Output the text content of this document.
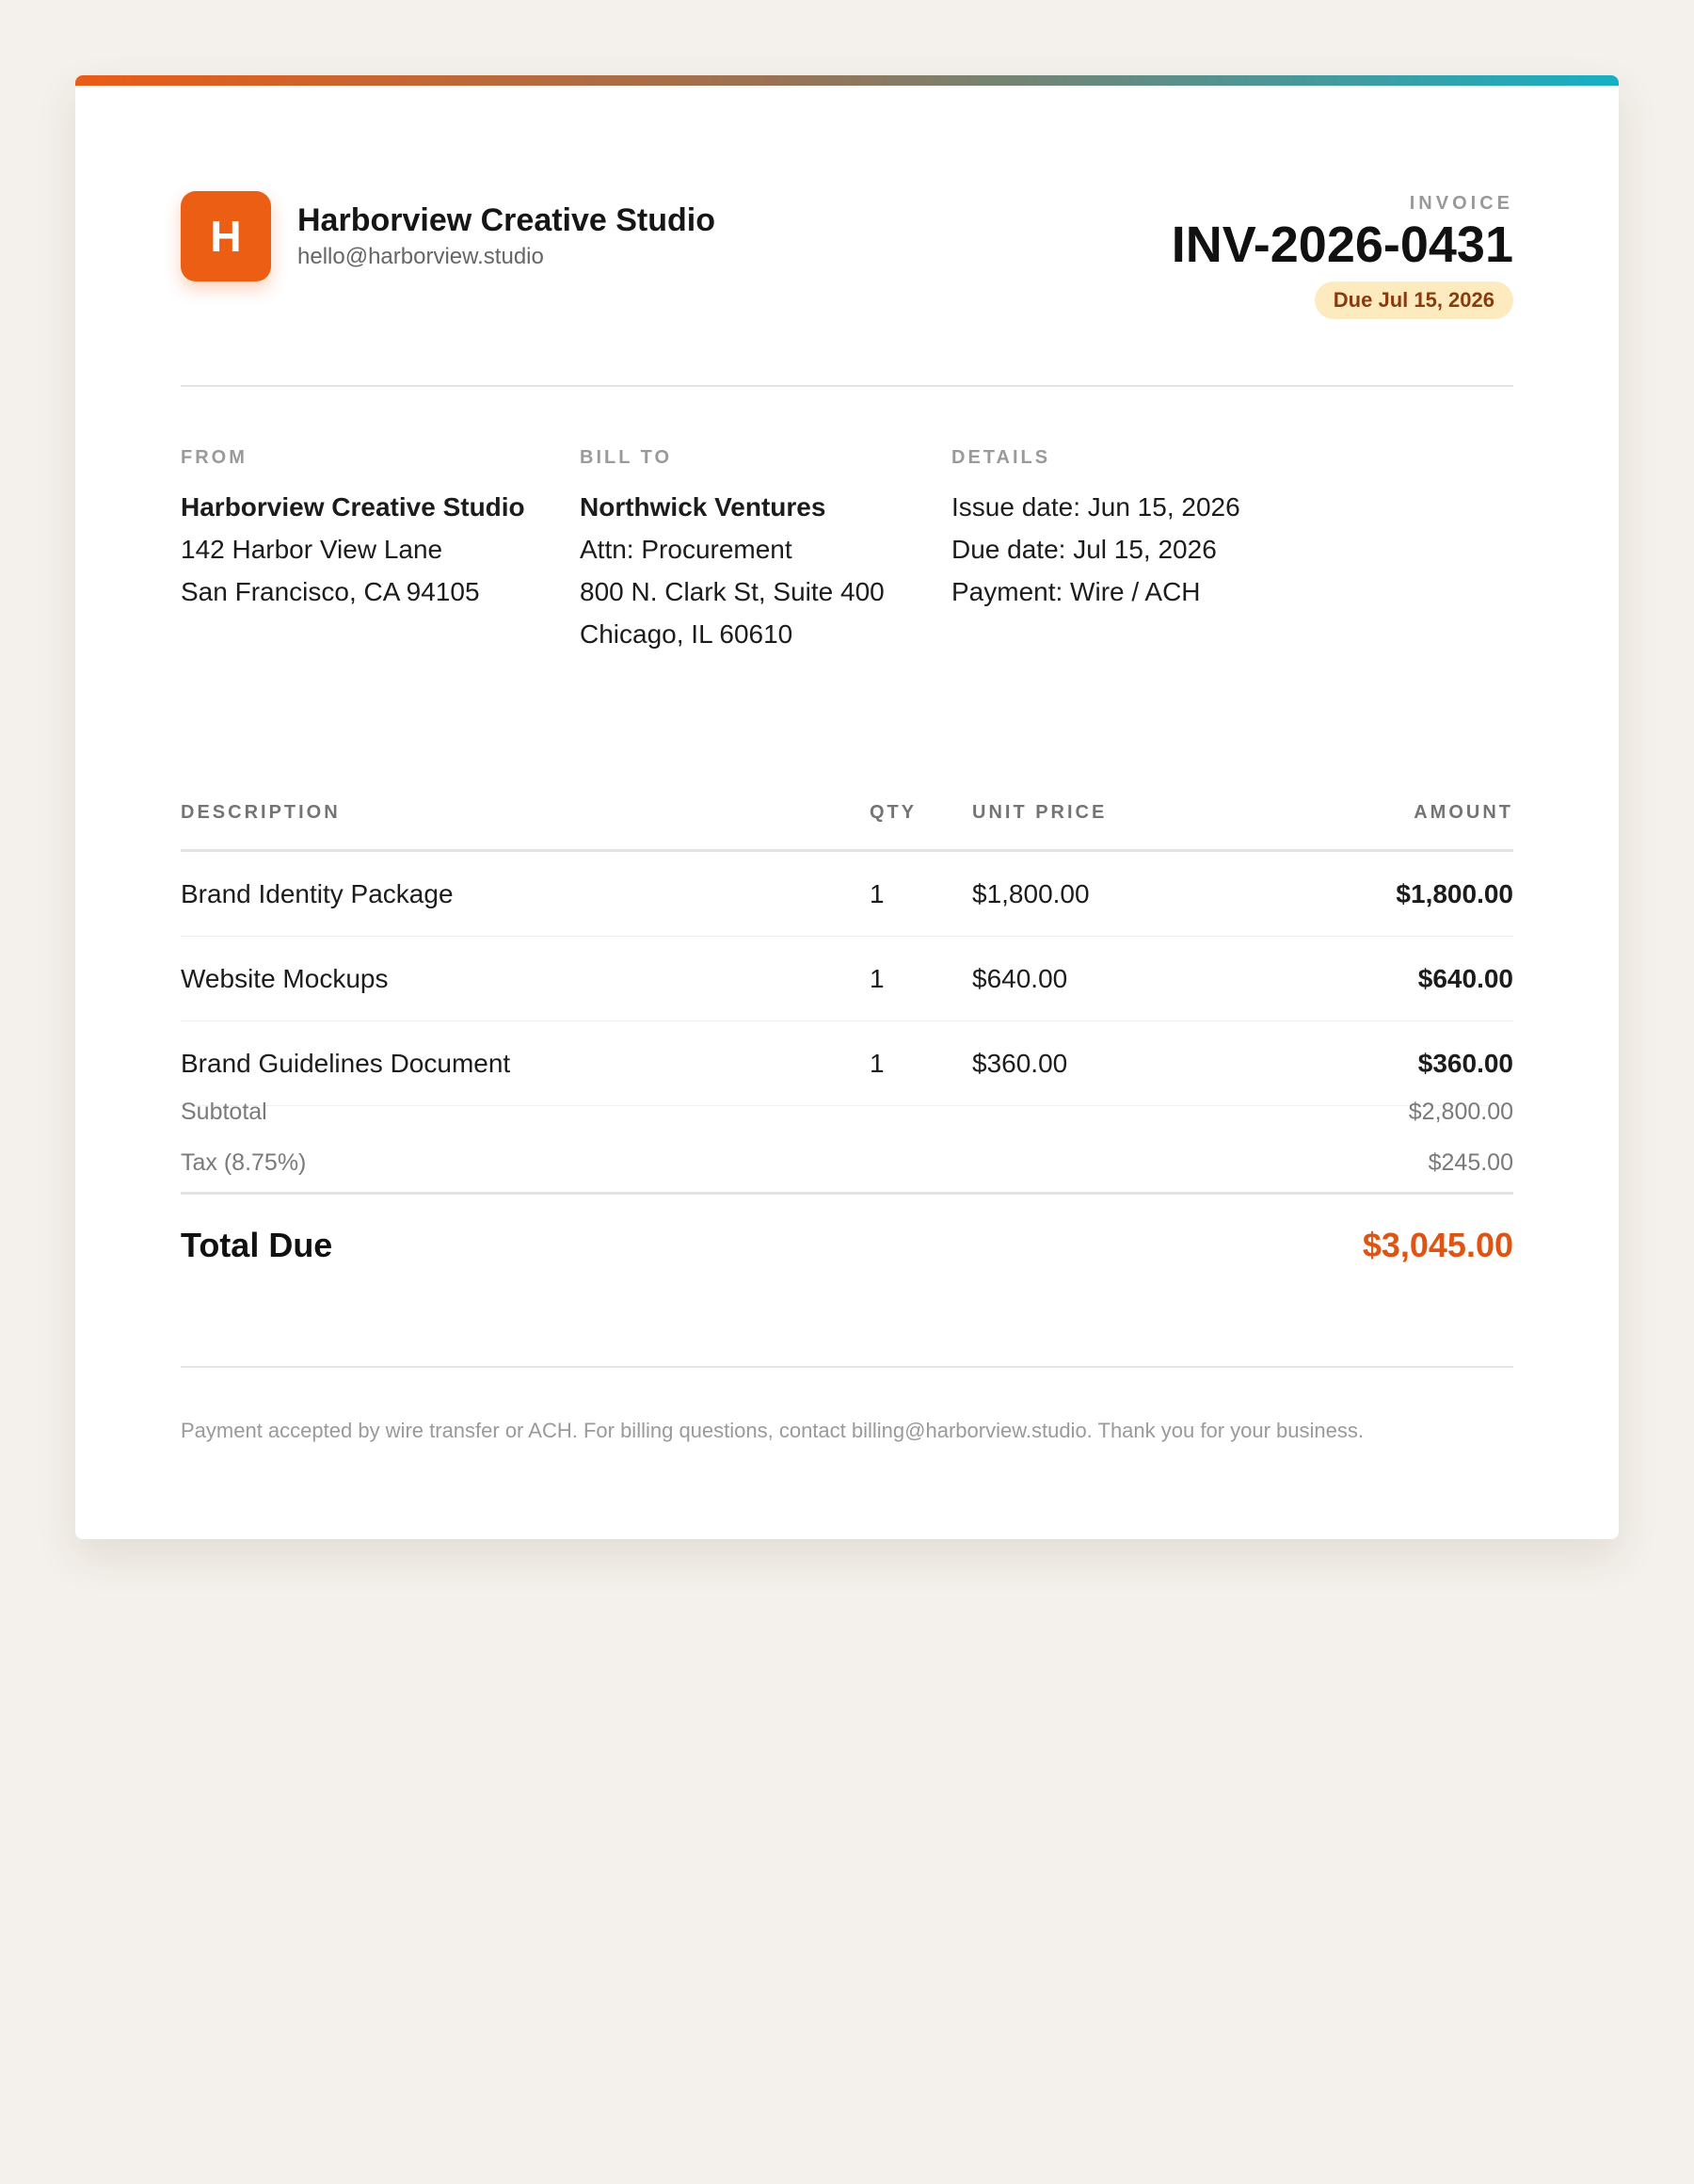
H	Harborview Creative Studio
hello@harborview.studio
INVOICE
INV-2026-0431
Due Jul 15, 2026
FROM
Harborview Creative Studio
142 Harbor View Lane
San Francisco, CA 94105
BILL TO
Northwick Ventures
Attn: Procurement
800 N. Clark St, Suite 400
Chicago, IL 60610
DETAILS
Issue date: Jun 15, 2026
Due date: Jul 15, 2026
Payment: Wire / ACH
DESCRIPTION	QTY	UNIT PRICE	AMOUNT
Brand Identity Package	1	$1,800.00	$1,800.00
Website Mockups	1	$640.00	$640.00
Brand Guidelines Document	1	$360.00	$360.00
Subtotal	$2,800.00
Tax (8.75%)	$245.00
Total Due	$3,045.00
Payment accepted by wire transfer or ACH. For billing questions, contact billing@harborview.studio. Thank you for your business.
